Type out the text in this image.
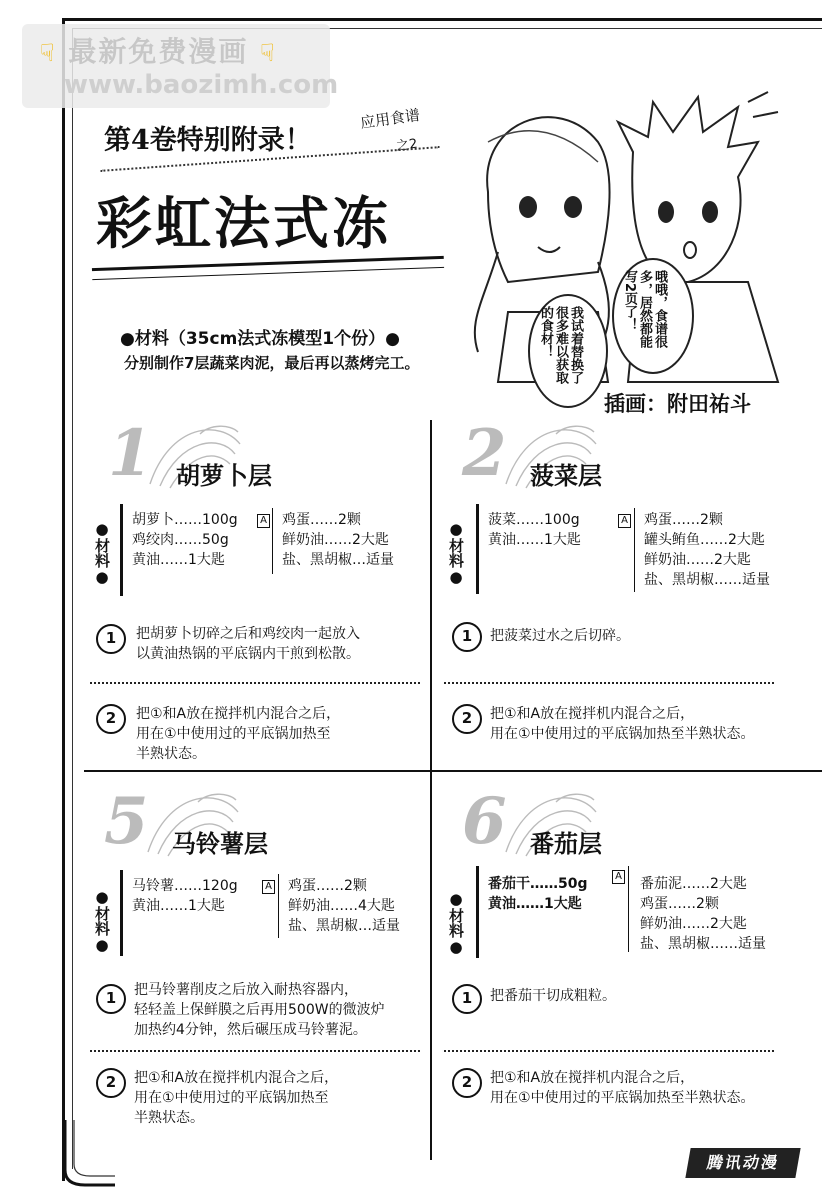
☟ 最新免费漫画 ☟
www.baozimh.com
第4卷特别附录！
应用食谱
之2
彩虹法式冻
●材料（35cm法式冻模型1个份）●
分别制作7层蔬菜肉泥，最后再以蒸烤完工。	我试着替换了很多难以获取的食材！	哦哦，食谱很多，居然都能写2页了！
插画：附田祐斗
1 胡萝卜层
●材料● 胡萝卜……100g
鸡绞肉……50g
黄油……1大匙
A 鸡蛋……2颗
鲜奶油……2大匙
盐、黑胡椒…适量
1	把胡萝卜切碎之后和鸡绞肉一起放入
以黄油热锅的平底锅内干煎到松散。
2	把①和A放在搅拌机内混合之后，
用在①中使用过的平底锅加热至
半熟状态。
2 菠菜层
●材料● 菠菜……100g
黄油……1大匙
A 鸡蛋……2颗
罐头鲔鱼……2大匙
鲜奶油……2大匙
盐、黑胡椒……适量
1	把菠菜过水之后切碎。
2	把①和A放在搅拌机内混合之后，
用在①中使用过的平底锅加热至半熟状态。
5 马铃薯层
●材料●
马铃薯……120g
黄油……1大匙
A 鸡蛋……2颗
鲜奶油……4大匙
盐、黑胡椒…适量
1	把马铃薯削皮之后放入耐热容器内，
轻轻盖上保鲜膜之后再用500W的微波炉
加热约4分钟，然后碾压成马铃薯泥。
2	把①和A放在搅拌机内混合之后，
用在①中使用过的平底锅加热至
半熟状态。
6 番茄层
●材料●
番茄干……50g
黄油……1大匙
A 番茄泥……2大匙
鸡蛋……2颗
鲜奶油……2大匙
盐、黑胡椒……适量
1	把番茄干切成粗粒。
2	把①和A放在搅拌机内混合之后，
用在①中使用过的平底锅加热至半熟状态。
腾讯动漫
